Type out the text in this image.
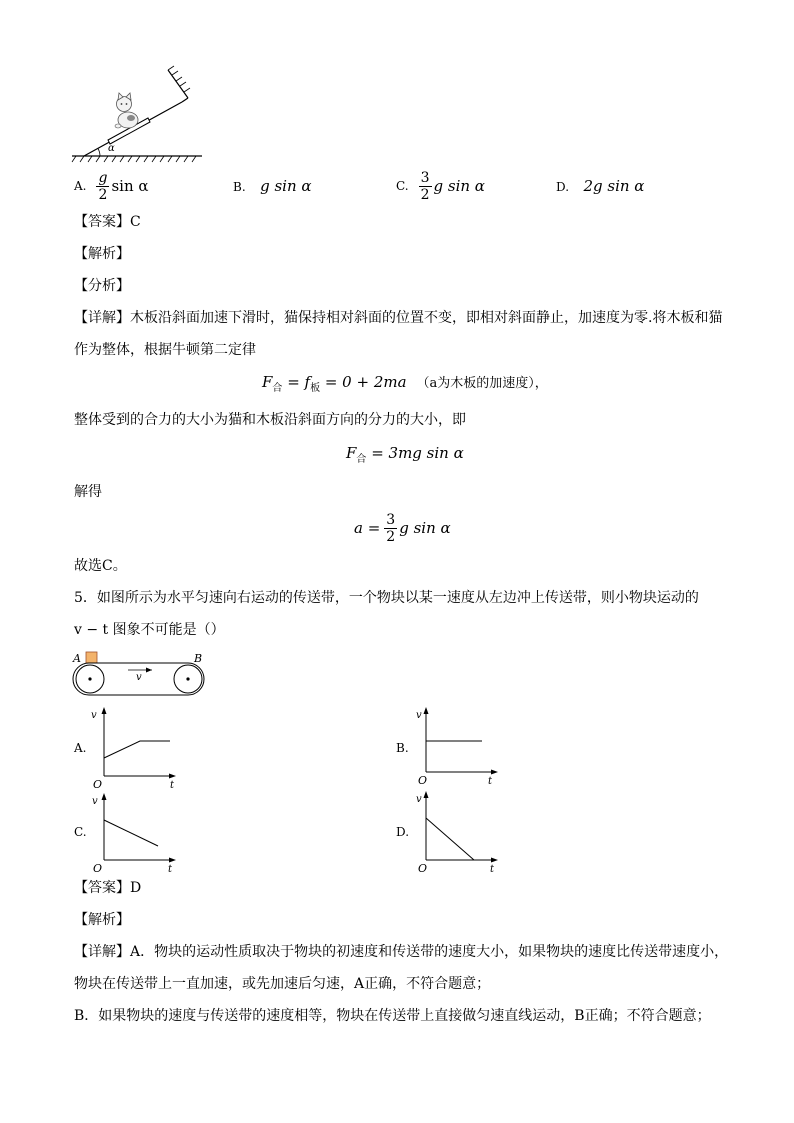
α
A. $\frac{g}{2}$ sin α	B. g sin α	C. $\frac{3}{2}$ g sin α	D. 2g sin α
【答案】C
【解析】
【分析】
【详解】木板沿斜面加速下滑时，猫保持相对斜面的位置不变，即相对斜面静止，加速度为零.将木板和猫
作为整体，根据牛顿第二定律
$F_合 = f_板 = 0 + 2ma$ （a为木板的加速度），
整体受到的合力的大小为猫和木板沿斜面方向的分力的大小，即
$F_合 = 3mg$ sin α
解得
$a = \frac{3}{2}$ g sin α
故选C。
5．如图所示为水平匀速向右运动的传送带，一个物块以某一速度从左边冲上传送带，则小物块运动的
v − t 图象不可能是（）
A	B
v
A.
v
O	t
B.
v
O	t
C.
v
O	t
D.
v
O	t
【答案】D
【解析】
【详解】A．物块的运动性质取决于物块的初速度和传送带的速度大小，如果物块的速度比传送带速度小，
物块在传送带上一直加速，或先加速后匀速，A正确，不符合题意；
B．如果物块的速度与传送带的速度相等，物块在传送带上直接做匀速直线运动，B正确；不符合题意；
